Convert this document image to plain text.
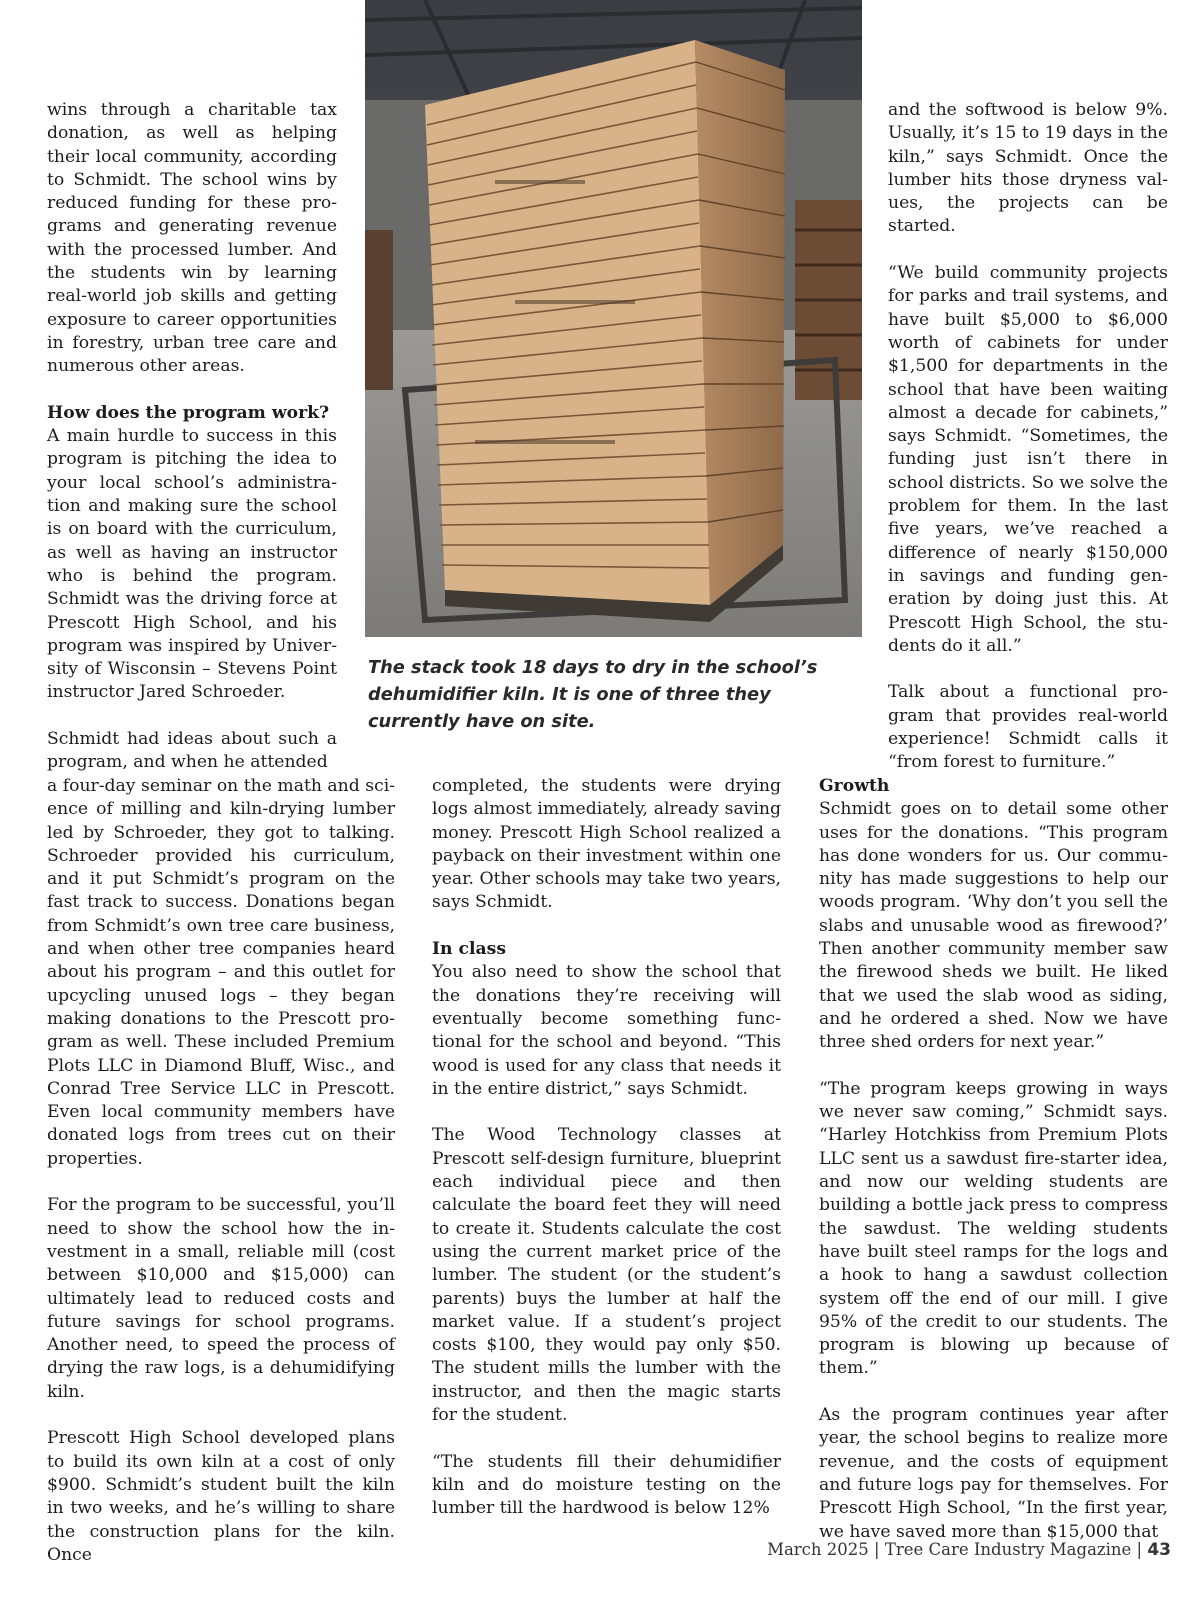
wins through a charitable tax donation, as well as helping their local community, according to Schmidt. The school wins by reduced funding for these programs and generating revenue with the processed lumber. And the students win by learning real-world job skills and getting exposure to career opportunities in forestry, urban tree care and numerous other areas.

How does the program work?
A main hurdle to success in this program is pitching the idea to your local school’s administration and making sure the school is on board with the curriculum, as well as having an instructor who is behind the program. Schmidt was the driving force at Prescott High School, and his program was inspired by University of Wisconsin – Stevens Point instructor Jared Schroeder.

Schmidt had ideas about such a program, and when he attended

a four-day seminar on the math and science of milling and kiln-drying lumber led by Schroeder, they got to talking. Schroeder provided his curriculum, and it put Schmidt’s program on the fast track to success. Donations began from Schmidt’s own tree care business, and when other tree companies heard about his program – and this outlet for upcycling unused logs – they began making donations to the Prescott program as well. These included Premium Plots LLC in Diamond Bluff, Wisc., and Conrad Tree Service LLC in Prescott. Even local community members have donated logs from trees cut on their properties.

For the program to be successful, you’ll need to show the school how the investment in a small, reliable mill (cost between $10,000 and $15,000) can ultimately lead to reduced costs and future savings for school programs. Another need, to speed the process of drying the raw logs, is a dehumidifying kiln.

Prescott High School developed plans to build its own kiln at a cost of only $900. Schmidt’s student built the kiln in two weeks, and he’s willing to share the construction plans for the kiln. Once

completed, the students were drying logs almost immediately, already saving money. Prescott High School realized a payback on their investment within one year. Other schools may take two years, says Schmidt.

In class
You also need to show the school that the donations they’re receiving will eventually become something functional for the school and beyond. “This wood is used for any class that needs it in the entire district,” says Schmidt.

The Wood Technology classes at Prescott self-design furniture, blueprint each individual piece and then calculate the board feet they will need to create it. Students calculate the cost using the current market price of the lumber. The student (or the student’s parents) buys the lumber at half the market value. If a student’s project costs $100, they would pay only $50. The student mills the lumber with the instructor, and then the magic starts for the student.

“The students fill their dehumidifier kiln and do moisture testing on the lumber till the hardwood is below 12%

and the softwood is below 9%. Usually, it’s 15 to 19 days in the kiln,” says Schmidt. Once the lumber hits those dryness values, the projects can be started.

“We build community projects for parks and trail systems, and have built $5,000 to $6,000 worth of cabinets for under $1,500 for departments in the school that have been waiting almost a decade for cabinets,” says Schmidt. “Sometimes, the funding just isn’t there in school districts. So we solve the problem for them. In the last five years, we’ve reached a difference of nearly $150,000 in savings and funding generation by doing just this. At Prescott High School, the students do it all.”

Talk about a functional program that provides real-world experience! Schmidt calls it “from forest to furniture.”

Growth
Schmidt goes on to detail some other uses for the donations. “This program has done wonders for us. Our community has made suggestions to help our woods program. ‘Why don’t you sell the slabs and unusable wood as firewood?’ Then another community member saw the firewood sheds we built. He liked that we used the slab wood as siding, and he ordered a shed. Now we have three shed orders for next year.”

“The program keeps growing in ways we never saw coming,” Schmidt says. “Harley Hotchkiss from Premium Plots LLC sent us a sawdust fire-starter idea, and now our welding students are building a bottle jack press to compress the sawdust. The welding students have built steel ramps for the logs and a hook to hang a sawdust collection system off the end of our mill. I give 95% of the credit to our students. The program is blowing up because of them.”

As the program continues year after year, the school begins to realize more revenue, and the costs of equipment and future logs pay for themselves. For Prescott High School, “In the first year, we have saved more than $15,000 that

The stack took 18 days to dry in the school’s dehumidifier kiln. It is one of three they currently have on site.

March 2025 | Tree Care Industry Magazine | 43
